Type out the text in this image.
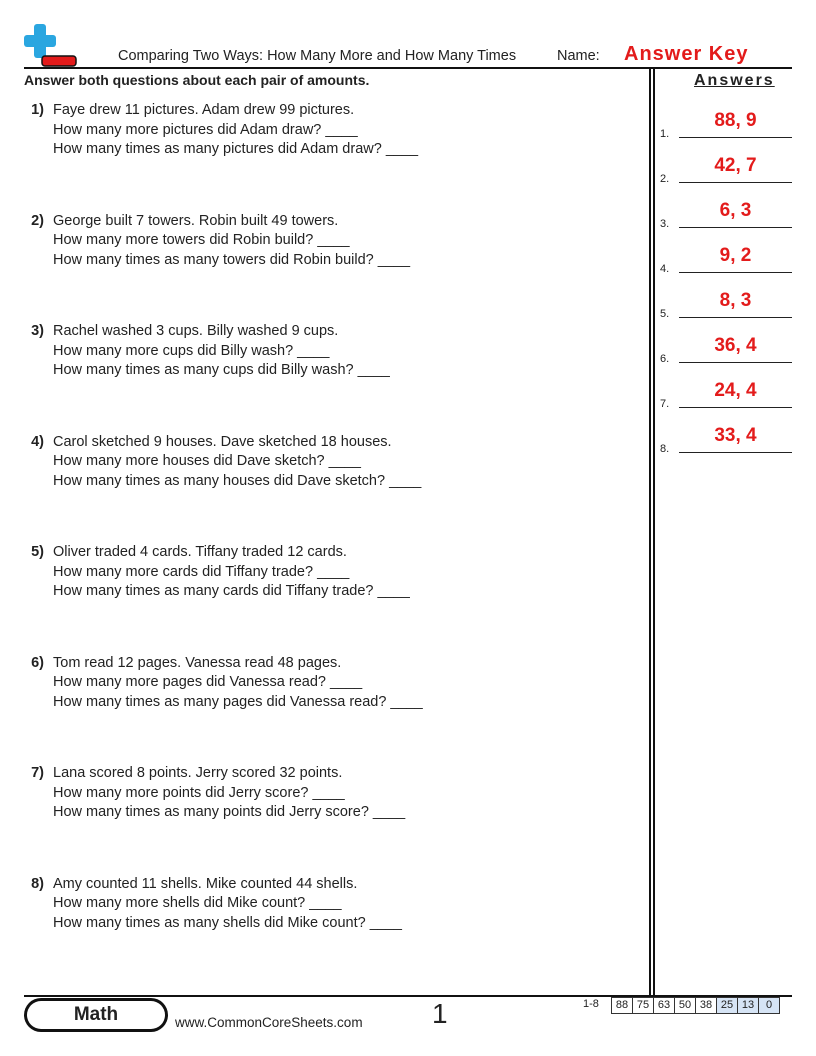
Comparing Two Ways: How Many More and How Many Times	Name: Answer Key
Answer both questions about each pair of amounts.	Answers
1) Faye drew 11 pictures. Adam drew 99 pictures.
How many more pictures did Adam draw? ____
How many times as many pictures did Adam draw? ____
2) George built 7 towers. Robin built 49 towers.
How many more towers did Robin build? ____
How many times as many towers did Robin build? ____
3) Rachel washed 3 cups. Billy washed 9 cups.
How many more cups did Billy wash? ____
How many times as many cups did Billy wash? ____
4) Carol sketched 9 houses. Dave sketched 18 houses.
How many more houses did Dave sketch? ____
How many times as many houses did Dave sketch? ____
5) Oliver traded 4 cards. Tiffany traded 12 cards.
How many more cards did Tiffany trade? ____
How many times as many cards did Tiffany trade? ____
6) Tom read 12 pages. Vanessa read 48 pages.
How many more pages did Vanessa read? ____
How many times as many pages did Vanessa read? ____
7) Lana scored 8 points. Jerry scored 32 points.
How many more points did Jerry score? ____
How many times as many points did Jerry score? ____
8) Amy counted 11 shells. Mike counted 44 shells.
How many more shells did Mike count? ____
How many times as many shells did Mike count? ____
1.
88, 9
2.
42, 7
3.
6, 3
4.
9, 2
5.
8, 3
6.
36, 4
7.
24, 4
8.
33, 4
Math	www.CommonCoreSheets.com 1	1-8	88 75 63 50 38 25 13	0
